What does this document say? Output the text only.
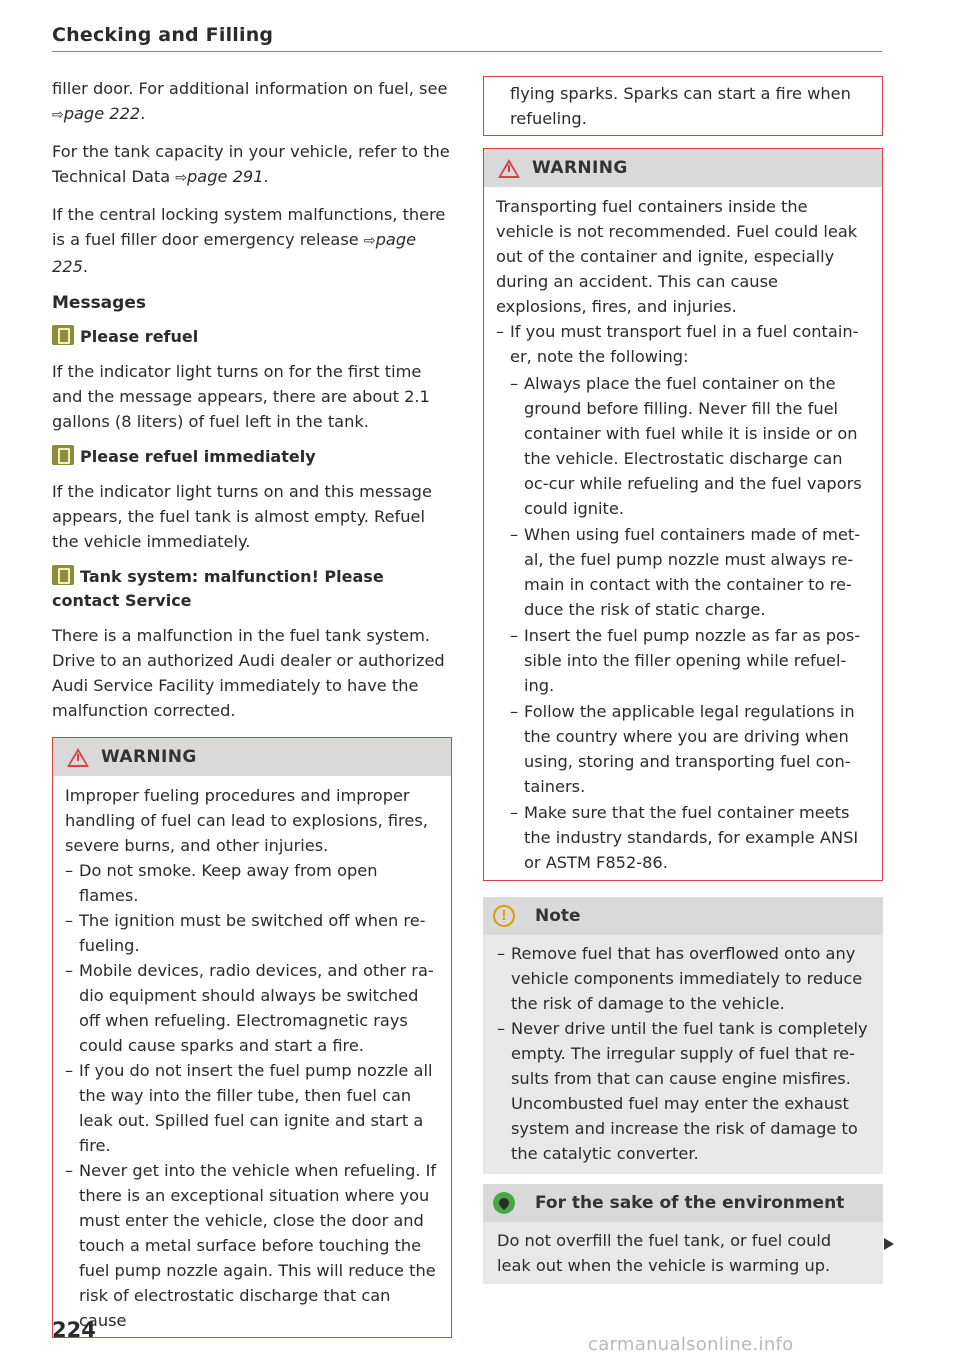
Checking and Filling

filler door. For additional information on fuel, see ⇨page 222.

For the tank capacity in your vehicle, refer to the Technical Data ⇨page 291.

If the central locking system malfunctions, there is a fuel filler door emergency release ⇨page 225.

Messages
Please refuel

If the indicator light turns on for the first time and the message appears, there are about 2.1 gallons (8 liters) of fuel left in the tank.

Please refuel immediately

If the indicator light turns on and this message appears, the fuel tank is almost empty. Refuel the vehicle immediately.

Tank system: malfunction! Please contact Service

There is a malfunction in the fuel tank system. Drive to an authorized Audi dealer or authorized Audi Service Facility immediately to have the malfunction corrected.

WARNING

Improper fueling procedures and improper handling of fuel can lead to explosions, fires, severe burns, and other injuries.

– Do not smoke. Keep away from open flames.
– The ignition must be switched off when re-fueling.
– Mobile devices, radio devices, and other ra-dio equipment should always be switched off when refueling. Electromagnetic rays could cause sparks and start a fire.
– If you do not insert the fuel pump nozzle all the way into the filler tube, then fuel can leak out. Spilled fuel can ignite and start a fire.
– Never get into the vehicle when refueling. If there is an exceptional situation where you must enter the vehicle, close the door and touch a metal surface before touching the fuel pump nozzle again. This will reduce the risk of electrostatic discharge that can cause

flying sparks. Sparks can start a fire when refueling.

WARNING

Transporting fuel containers inside the vehicle is not recommended. Fuel could leak out of the container and ignite, especially during an accident. This can cause explosions, fires, and injuries.

– If you must transport fuel in a fuel contain-er, note the following:
– Always place the fuel container on the ground before filling. Never fill the fuel container with fuel while it is inside or on the vehicle. Electrostatic discharge can oc-cur while refueling and the fuel vapors could ignite.
– When using fuel containers made of met-al, the fuel pump nozzle must always re-main in contact with the container to re-duce the risk of static charge.
– Insert the fuel pump nozzle as far as pos-sible into the filler opening while refuel-ing.
– Follow the applicable legal regulations in the country where you are driving when using, storing and transporting fuel con-tainers.
– Make sure that the fuel container meets the industry standards, for example ANSI or ASTM F852-86.
!	Note
– Remove fuel that has overflowed onto any vehicle components immediately to reduce the risk of damage to the vehicle.
– Never drive until the fuel tank is completely empty. The irregular supply of fuel that re-sults from that can cause engine misfires. Uncombusted fuel may enter the exhaust system and increase the risk of damage to the catalytic converter.
For the sake of the environment

Do not overfill the fuel tank, or fuel could leak out when the vehicle is warming up.

224
carmanualsonline.info
